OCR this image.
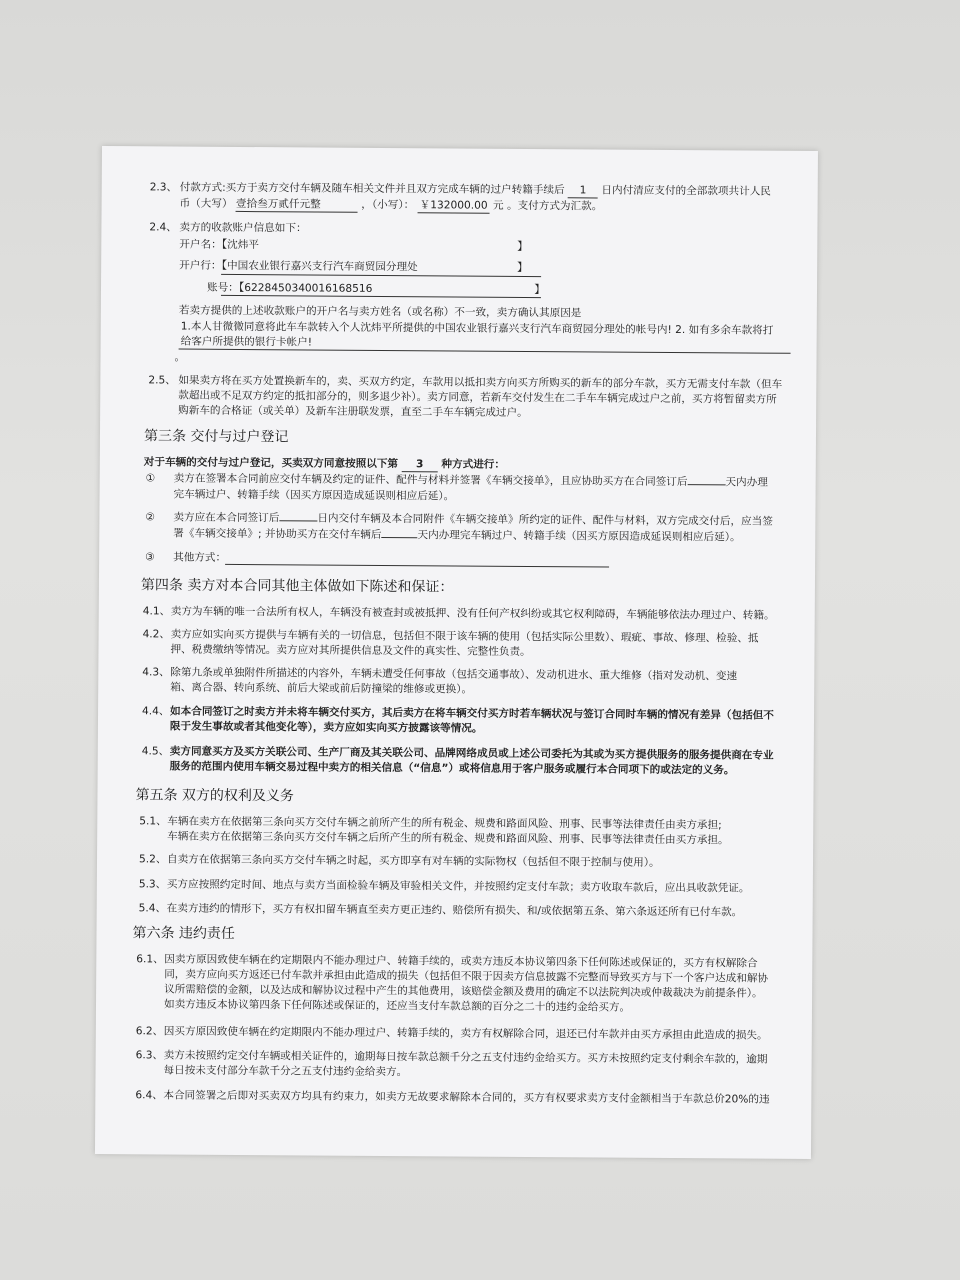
2.3、 付款方式:买方于卖方交付车辆及随车相关文件并且双方完成车辆的过户转籍手续后 1 日内付清应支付的全部款项共计人民
币（大写） 壹拾叁万贰仟元整	，（小写）： ￥132000.00 元 。支付方式为汇款。
2.4、 卖方的收款账户信息如下：
开户名：【沈炜平	】
开户行：【中国农业银行嘉兴支行汽车商贸园分理处	】
账号：【6228450340016168516	】
若卖方提供的上述收款账户的开户名与卖方姓名（或名称）不一致，卖方确认其原因是
1.本人甘微微同意将此车车款转入个人沈炜平所提供的中国农业银行嘉兴支行汽车商贸园分理处的帐号内! 2. 如有多余车款将打
给客户所提供的银行卡帐户!
。
2.5、 如果卖方将在买方处置换新车的，卖、买双方约定，车款用以抵扣卖方向买方所购买的新车的部分车款，买方无需支付车款（但车
款超出或不足双方约定的抵扣部分的，则多退少补）。卖方同意，若新车交付发生在二手车车辆完成过户之前，买方将暂留卖方所
购新车的合格证（或关单）及新车注册联发票，直至二手车车辆完成过户。
第三条 交付与过户登记
对于车辆的交付与过户登记，买卖双方同意按照以下第 3 种方式进行：
① 卖方在签署本合同前应交付车辆及约定的证件、配件与材料并签署《车辆交接单》，且应协助买方在合同签订后	天内办理
完车辆过户、转籍手续（因买方原因造成延误则相应后延）。
② 卖方应在本合同签订后	日内交付车辆及本合同附件《车辆交接单》所约定的证件、配件与材料，双方完成交付后，应当签
署《车辆交接单》; 并协助买方在交付车辆后	天内办理完车辆过户、转籍手续（因买方原因造成延误则相应后延）。
③ 其他方式：
第四条 卖方对本合同其他主体做如下陈述和保证：
4.1、 卖方为车辆的唯一合法所有权人，车辆没有被查封或被抵押、没有任何产权纠纷或其它权利障碍，车辆能够依法办理过户、转籍。
4.2、 卖方应如实向买方提供与车辆有关的一切信息，包括但不限于该车辆的使用（包括实际公里数）、瑕疵、事故、修理、检验、抵
押、税费缴纳等情况。卖方应对其所提供信息及文件的真实性、完整性负责。
4.3、 除第九条或单独附件所描述的内容外，车辆未遭受任何事故（包括交通事故）、发动机进水、重大维修（指对发动机、变速
箱、离合器、转向系统、前后大梁或前后防撞梁的维修或更换）。
4.4、 如本合同签订之时卖方并未将车辆交付买方，其后卖方在将车辆交付买方时若车辆状况与签订合同时车辆的情况有差异（包括但不
限于发生事故或者其他变化等），卖方应如实向买方披露该等情况。
4.5、 卖方同意买方及买方关联公司、生产厂商及其关联公司、品牌网络成员或上述公司委托为其或为买方提供服务的服务提供商在专业
服务的范围内使用车辆交易过程中卖方的相关信息（“信息”）或将信息用于客户服务或履行本合同项下的或法定的义务。
第五条 双方的权利及义务
5.1、 车辆在卖方在依据第三条向买方交付车辆之前所产生的所有税金、规费和路面风险、刑事、民事等法律责任由卖方承担;
车辆在卖方在依据第三条向买方交付车辆之后所产生的所有税金、规费和路面风险、刑事、民事等法律责任由买方承担。
5.2、 自卖方在依据第三条向买方交付车辆之时起，买方即享有对车辆的实际物权（包括但不限于控制与使用）。
5.3、 买方应按照约定时间、地点与卖方当面检验车辆及审验相关文件，并按照约定支付车款；卖方收取车款后，应出具收款凭证。
5.4、 在卖方违约的情形下，买方有权扣留车辆直至卖方更正违约、赔偿所有损失、和/或依据第五条、第六条返还所有已付车款。
第六条 违约责任
6.1、 因卖方原因致使车辆在约定期限内不能办理过户、转籍手续的，或卖方违反本协议第四条下任何陈述或保证的，买方有权解除合
同，卖方应向买方返还已付车款并承担由此造成的损失（包括但不限于因卖方信息披露不完整而导致买方与下一个客户达成和解协
议所需赔偿的金额，以及达成和解协议过程中产生的其他费用，该赔偿金额及费用的确定不以法院判决或仲裁裁决为前提条件）。
如卖方违反本协议第四条下任何陈述或保证的，还应当支付车款总额的百分之二十的违约金给买方。
6.2、 因买方原因致使车辆在约定期限内不能办理过户、转籍手续的，卖方有权解除合同，退还已付车款并由买方承担由此造成的损失。
6.3、 卖方未按照约定交付车辆或相关证件的，逾期每日按车款总额千分之五支付违约金给买方。买方未按照约定支付剩余车款的，逾期
每日按未支付部分车款千分之五支付违约金给卖方。
6.4、 本合同签署之后即对买卖双方均具有约束力，如卖方无故要求解除本合同的，买方有权要求卖方支付金额相当于车款总价20%的违
